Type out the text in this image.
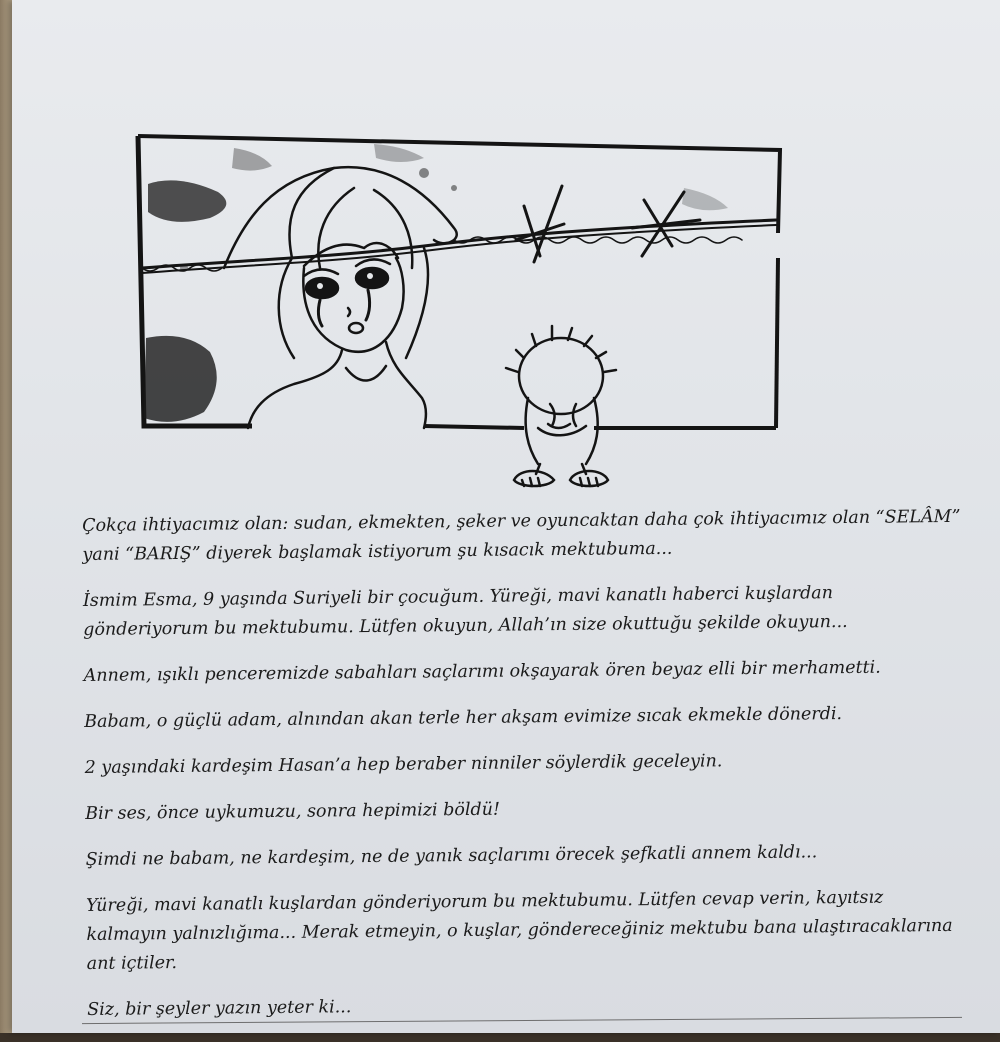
Çokça ihtiyacımız olan: sudan, ekmekten, şeker ve oyuncaktan daha çok ihtiyacımız olan “SELÂM” yani “BARIŞ” diyerek başlamak istiyorum şu kısacık mektubuma...

İsmim Esma, 9 yaşında Suriyeli bir çocuğum. Yüreği, mavi kanatlı haberci kuşlardan gönderiyorum bu mektubumu. Lütfen okuyun, Allah’ın size okuttuğu şekilde okuyun...

Annem, ışıklı penceremizde sabahları saçlarımı okşayarak ören beyaz elli bir merhametti.

Babam, o güçlü adam, alnından akan terle her akşam evimize sıcak ekmekle dönerdi.

2 yaşındaki kardeşim Hasan’a hep beraber ninniler söylerdik geceleyin.

Bir ses, önce uykumuzu, sonra hepimizi böldü!

Şimdi ne babam, ne kardeşim, ne de yanık saçlarımı örecek şefkatli annem kaldı...

Yüreği, mavi kanatlı kuşlardan gönderiyorum bu mektubumu. Lütfen cevap verin, kayıtsız kalmayın yalnızlığıma... Merak etmeyin, o kuşlar, göndereceğiniz mektubu bana ulaştıracaklarına ant içtiler.

Siz, bir şeyler yazın yeter ki...
